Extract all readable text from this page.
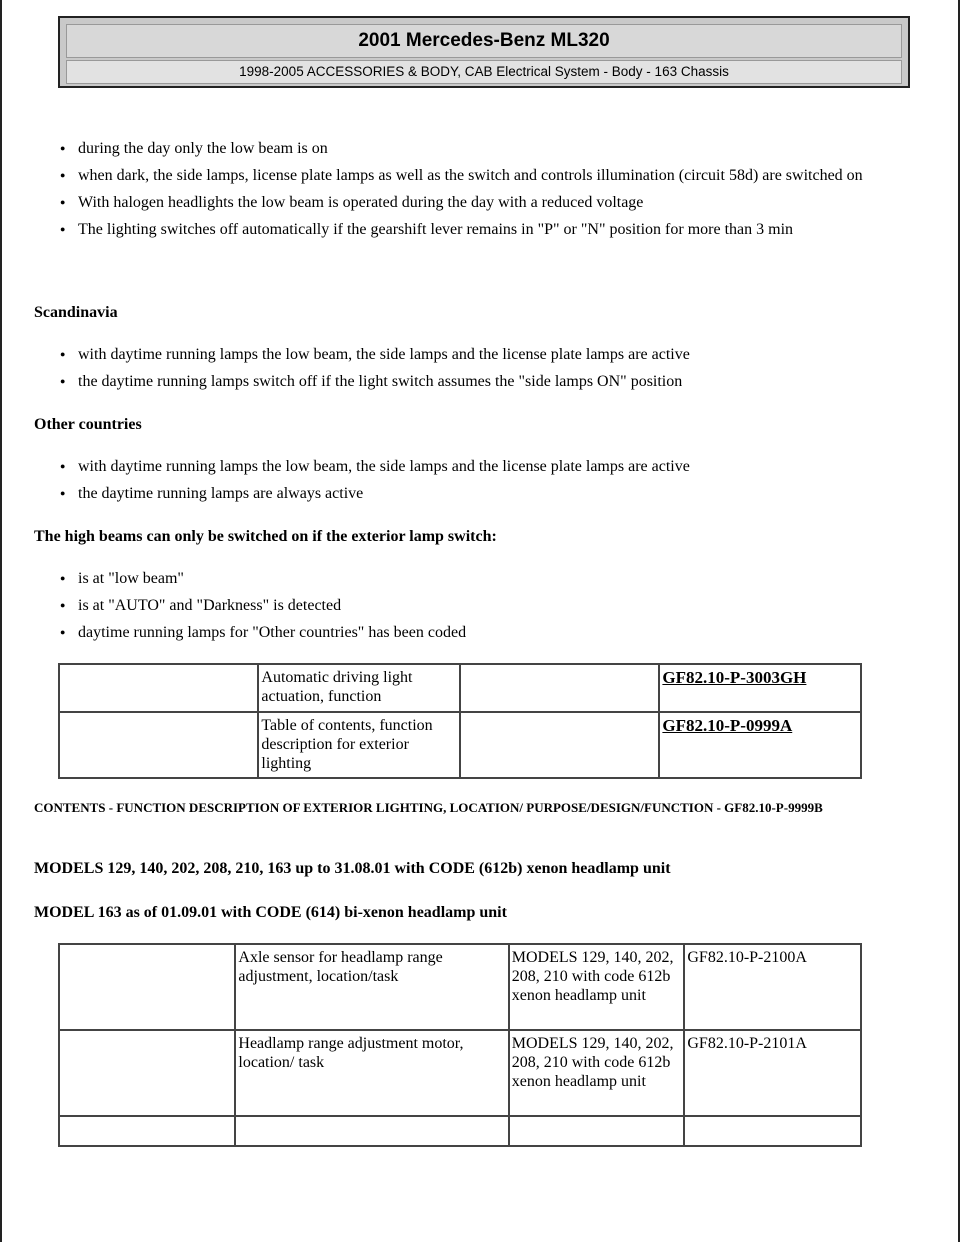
2001 Mercedes-Benz ML320
1998-2005 ACCESSORIES & BODY, CAB Electrical System - Body - 163 Chassis
● during the day only the low beam is on
● when dark, the side lamps, license plate lamps as well as the switch and controls illumination (circuit 58d) are switched on
● With halogen headlights the low beam is operated during the day with a reduced voltage
● The lighting switches off automatically if the gearshift lever remains in "P" or "N" position for more than 3 min
Scandinavia
● with daytime running lamps the low beam, the side lamps and the license plate lamps are active
● the daytime running lamps switch off if the light switch assumes the "side lamps ON" position
Other countries
● with daytime running lamps the low beam, the side lamps and the license plate lamps are active
● the daytime running lamps are always active
The high beams can only be switched on if the exterior lamp switch:
● is at "low beam"
● is at "AUTO" and "Darkness" is detected
● daytime running lamps for "Other countries" has been coded
	Automatic driving light actuation, function		GF82.10-P-3003GH
	Table of contents, function description for exterior lighting		GF82.10-P-0999A
CONTENTS - FUNCTION DESCRIPTION OF EXTERIOR LIGHTING, LOCATION/ PURPOSE/DESIGN/FUNCTION - GF82.10-P-9999B
MODELS 129, 140, 202, 208, 210, 163 up to 31.08.01 with CODE (612b) xenon headlamp unit
MODEL 163 as of 01.09.01 with CODE (614) bi-xenon headlamp unit
	Axle sensor for headlamp range adjustment, location/task	MODELS 129, 140, 202, 208, 210 with code 612b xenon headlamp unit	GF82.10-P-2100A
	Headlamp range adjustment motor, location/ task	MODELS 129, 140, 202, 208, 210 with code 612b xenon headlamp unit	GF82.10-P-2101A
